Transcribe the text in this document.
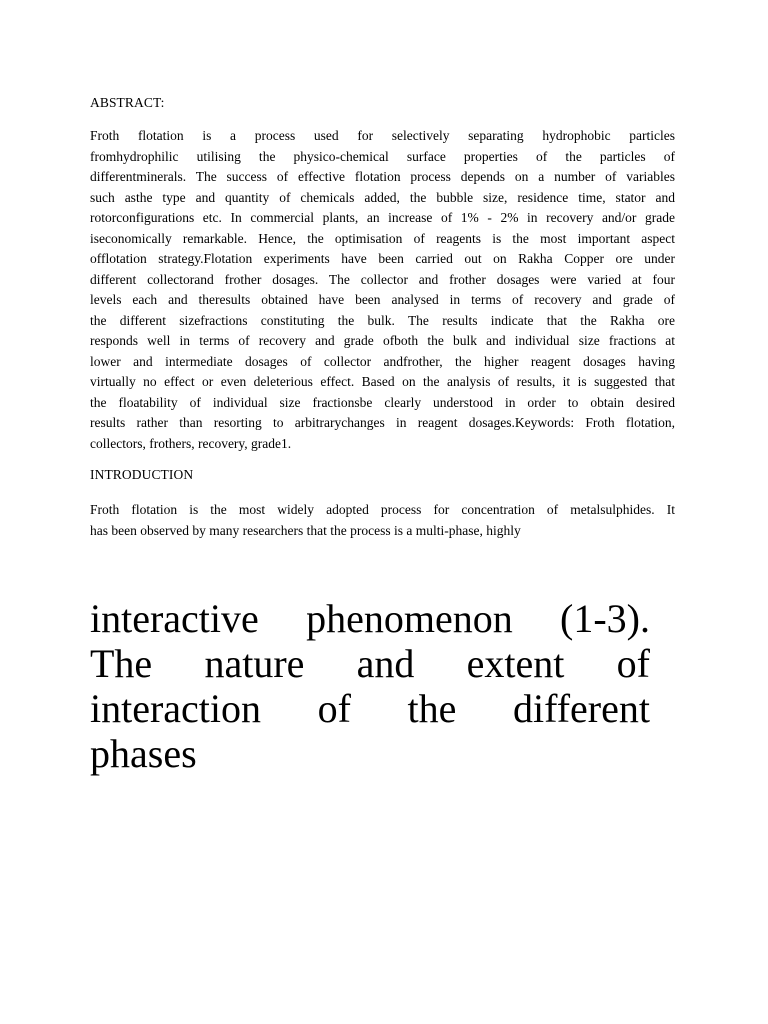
ABSTRACT:
Froth flotation is a process used for selectively separating hydrophobic particles
fromhydrophilic utilising the physico-chemical surface properties of the particles of
differentminerals. The success of effective flotation process depends on a number of variables
such asthe type and quantity of chemicals added, the bubble size, residence time, stator and
rotorconfigurations etc. In commercial plants, an increase of 1% - 2% in recovery and/or grade
iseconomically remarkable. Hence, the optimisation of reagents is the most important aspect
offlotation strategy.Flotation experiments have been carried out on Rakha Copper ore under
different collectorand frother dosages. The collector and frother dosages were varied at four
levels each and theresults obtained have been analysed in terms of recovery and grade of
the different sizefractions constituting the bulk. The results indicate that the Rakha ore
responds well in terms of recovery and grade ofboth the bulk and individual size fractions at
lower and intermediate dosages of collector andfrother, the higher reagent dosages having
virtually no effect or even deleterious effect. Based on the analysis of results, it is suggested that
the floatability of individual size fractionsbe clearly understood in order to obtain desired
results rather than resorting to arbitrarychanges in reagent dosages.Keywords: Froth flotation,
collectors, frothers, recovery, grade1.
INTRODUCTION
Froth flotation is the most widely adopted process for concentration of metalsulphides. It
has been observed by many researchers that the process is a multi-phase, highly
interactive phenomenon (1-3).
The nature and extent of
interaction of the different
phases
